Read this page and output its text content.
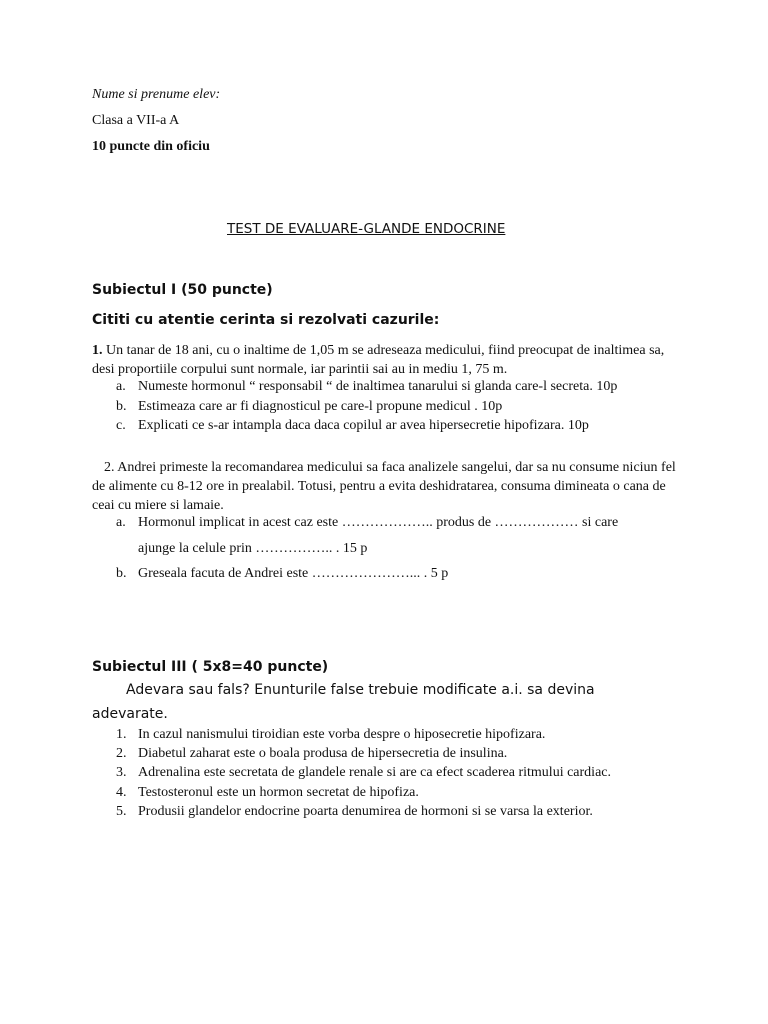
Nume si prenume elev:
Clasa a VII-a A
10 puncte din oficiu
TEST DE EVALUARE-GLANDE ENDOCRINE
Subiectul I (50 puncte)
Cititi cu atentie cerinta si rezolvati cazurile:
1. Un tanar de 18 ani, cu o inaltime de 1,05 m se adreseaza medicului, fiind preocupat de inaltimea sa, desi proportiile corpului sunt normale, iar parintii sai au in mediu 1, 75 m.
a. Numeste hormonul “ responsabil “ de inaltimea tanarului si glanda care-l secreta. 10p
b. Estimeaza care ar fi diagnosticul pe care-l propune medicul . 10p
c. Explicati ce s-ar intampla daca daca copilul ar avea hipersecretie hipofizara. 10p
2. Andrei primeste la recomandarea medicului sa faca analizele sangelui, dar sa nu consume niciun fel de alimente cu 8-12 ore in prealabil. Totusi, pentru a evita deshidratarea, consuma dimineata o cana de ceai cu miere si lamaie.
a. Hormonul implicat in acest caz este ……………….. produs de ……………… si care
ajunge la celule prin …………….. . 15 p
b. Greseala facuta de Andrei este …………………... . 5 p
Subiectul III ( 5x8=40 puncte)
Adevara sau fals? Enunturile false trebuie modificate a.i. sa devina
adevarate.
1. In cazul nanismului tiroidian este vorba despre o hiposecretie hipofizara.
2. Diabetul zaharat este o boala produsa de hipersecretia de insulina.
3. Adrenalina este secretata de glandele renale si are ca efect scaderea ritmului cardiac.
4. Testosteronul este un hormon secretat de hipofiza.
5. Produsii glandelor endocrine poarta denumirea de hormoni si se varsa la exterior.
